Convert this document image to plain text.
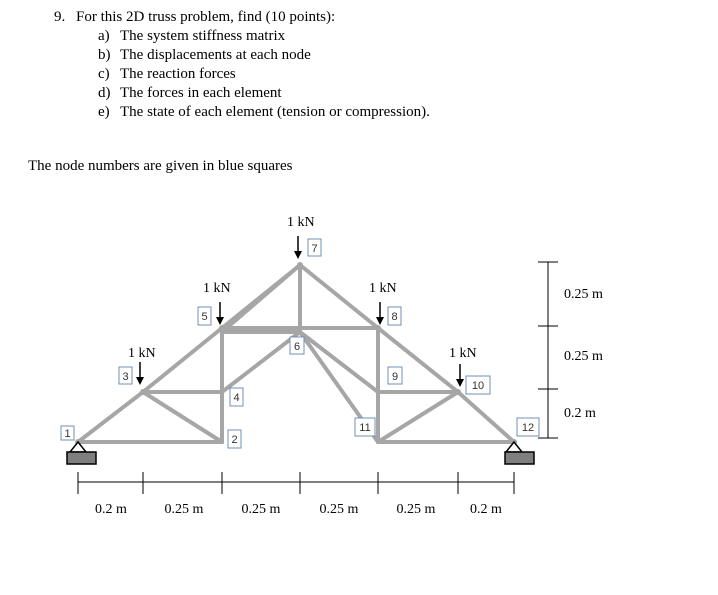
9. For this 2D truss problem, find (10 points):
a) The system stiffness matrix
b) The displacements at each node
c) The reaction forces
d) The forces in each element
e) The state of each element (tension or compression).
The node numbers are given in blue squares
1 kN
1 kN
1 kN
1 kN
1 kN
1	2
3
4
5
6
7
8
9
10
11	12
0.2 m	0.25 m	0.25 m	0.25 m	0.25 m 0.2 m
0.25 m
0.25 m
0.2 m
